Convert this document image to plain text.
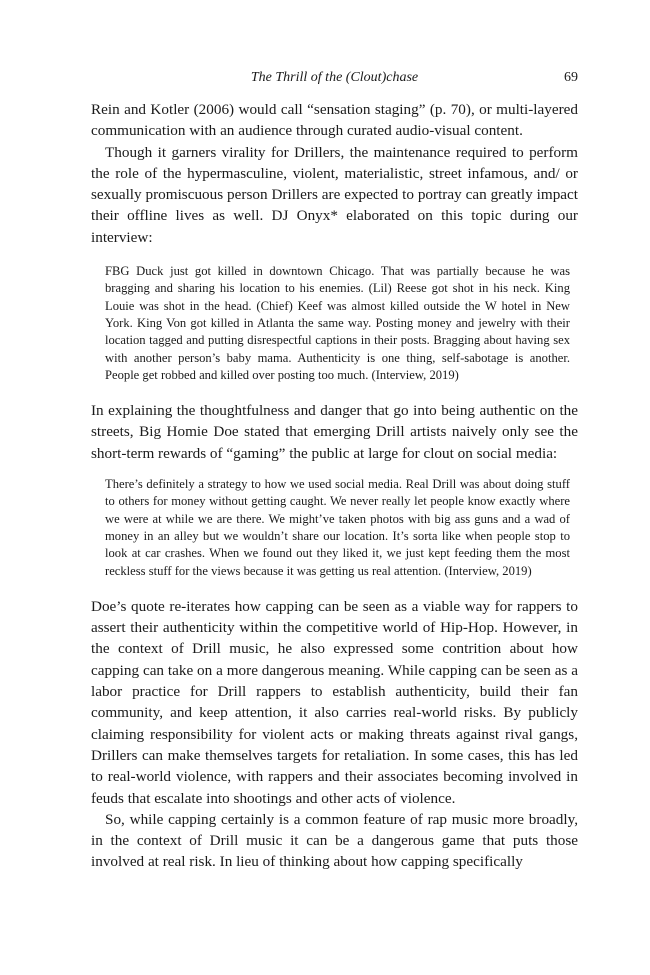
The Thrill of the (Clout)chase	69

Rein and Kotler (2006) would call “sensation staging” (p. 70), or multi-layered communication with an audience through curated audio-visual content.

Though it garners virality for Drillers, the maintenance required to perform the role of the hypermasculine, violent, materialistic, street infamous, and/ or sexually promiscuous person Drillers are expected to portray can greatly impact their offline lives as well. DJ Onyx* elaborated on this topic during our interview:

FBG Duck just got killed in downtown Chicago. That was partially because he was bragging and sharing his location to his enemies. (Lil) Reese got shot in his neck. King Louie was shot in the head. (Chief) Keef was almost killed outside the W hotel in New York. King Von got killed in Atlanta the same way. Posting money and jewelry with their location tagged and putting disrespectful captions in their posts. Bragging about having sex with another person’s baby mama. Authenticity is one thing, self-sabotage is another. People get robbed and killed over posting too much. (Interview, 2019)

In explaining the thoughtfulness and danger that go into being authentic on the streets, Big Homie Doe stated that emerging Drill artists naively only see the short-term rewards of “gaming” the public at large for clout on social media:

There’s definitely a strategy to how we used social media. Real Drill was about doing stuff to others for money without getting caught. We never really let people know exactly where we were at while we are there. We might’ve taken photos with big ass guns and a wad of money in an alley but we wouldn’t share our location. It’s sorta like when people stop to look at car crashes. When we found out they liked it, we just kept feeding them the most reckless stuff for the views because it was getting us real attention. (Interview, 2019)

Doe’s quote re-iterates how capping can be seen as a viable way for rappers to assert their authenticity within the competitive world of Hip-Hop. However, in the context of Drill music, he also expressed some contrition about how capping can take on a more dangerous meaning. While capping can be seen as a labor practice for Drill rappers to establish authenticity, build their fan community, and keep attention, it also carries real-world risks. By publicly claiming responsibility for violent acts or making threats against rival gangs, Drillers can make themselves targets for retaliation. In some cases, this has led to real-world violence, with rappers and their associates becoming involved in feuds that escalate into shootings and other acts of violence.

So, while capping certainly is a common feature of rap music more broadly, in the context of Drill music it can be a dangerous game that puts those involved at real risk. In lieu of thinking about how capping specifically
